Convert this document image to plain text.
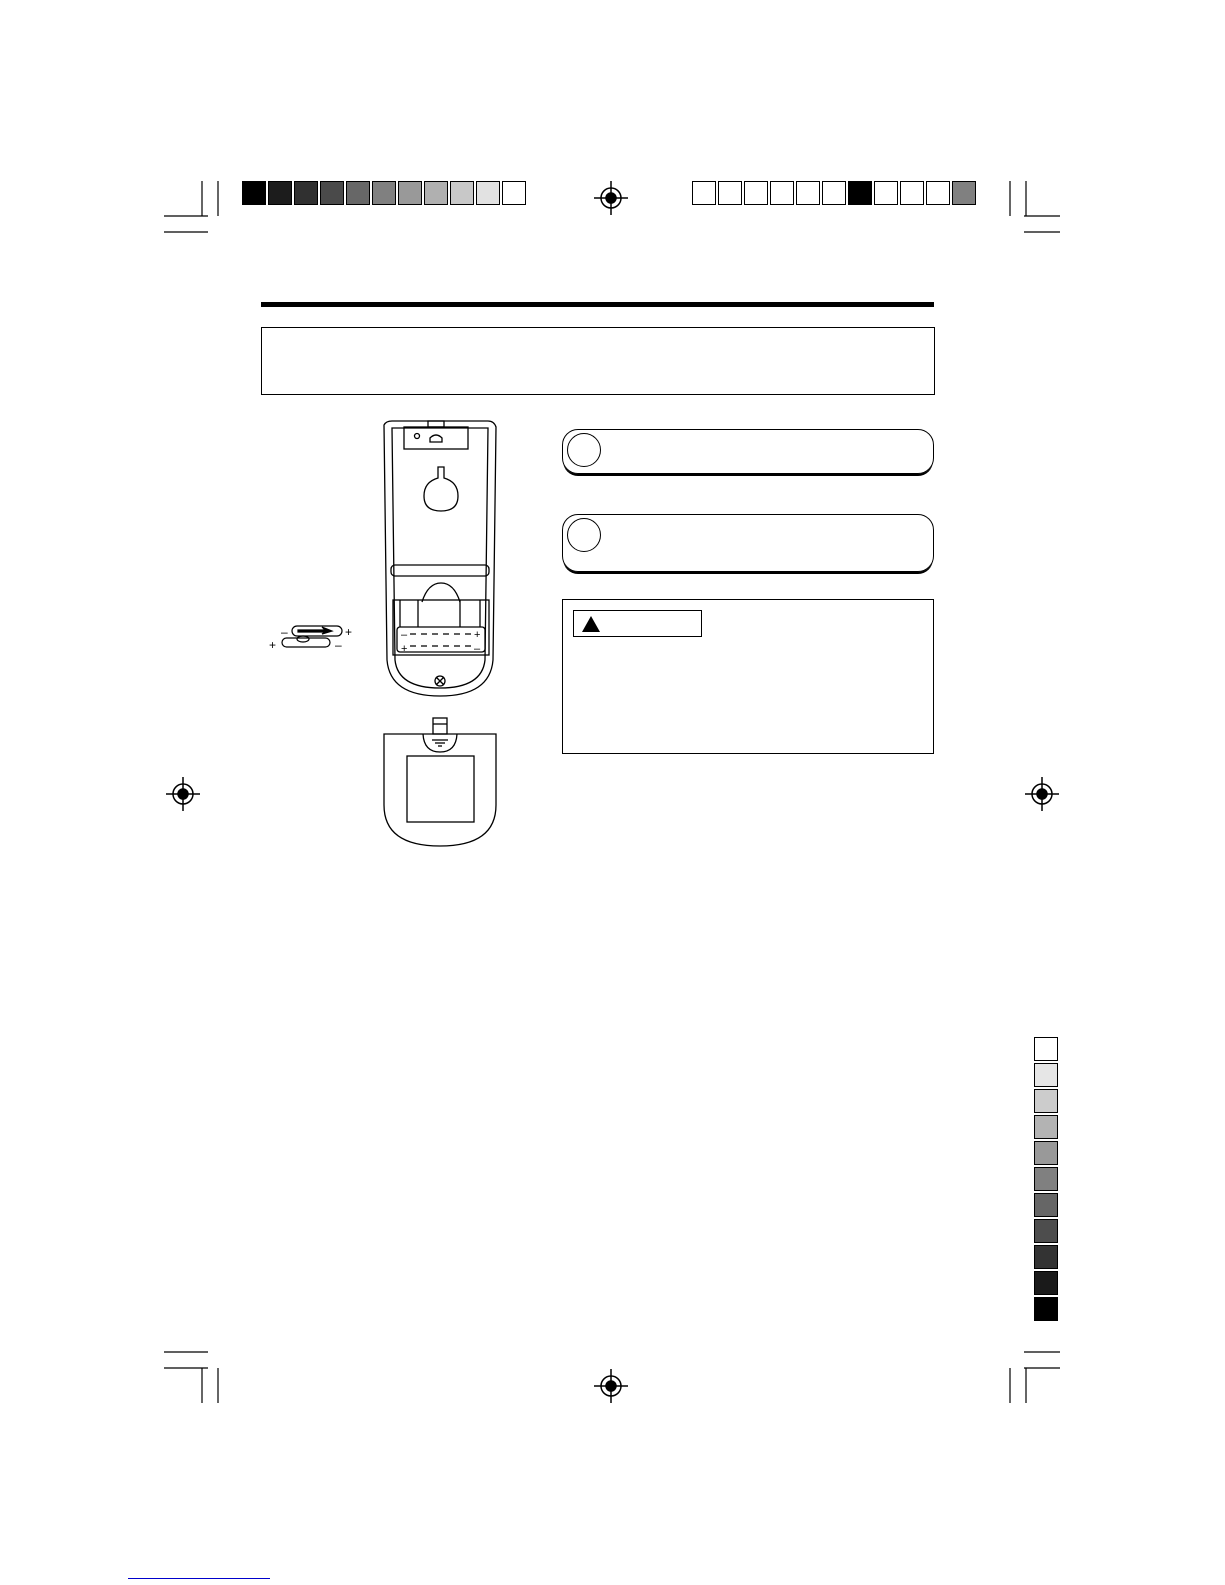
–	+
+	–
–	+
+	–
